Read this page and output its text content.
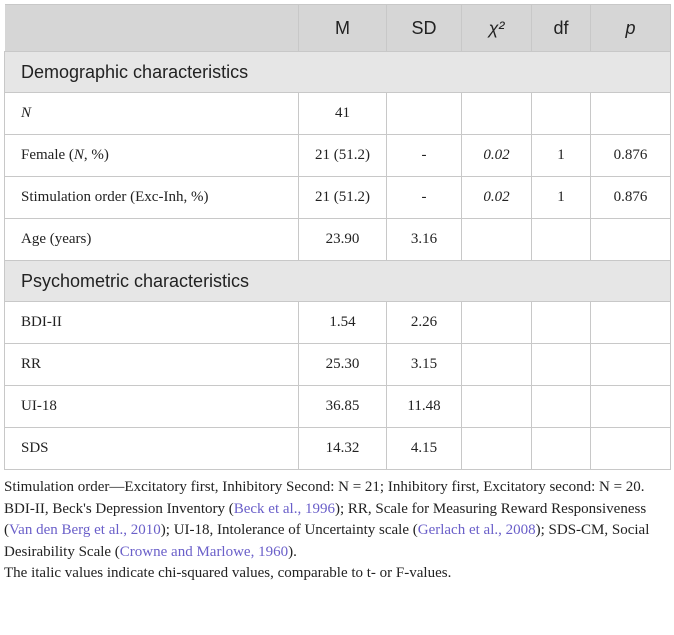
	M	SD	χ²	df	p
Demographic characteristics					
N	41				
Female (N, %)	21 (51.2)	-	0.02	1	0.876
Stimulation order (Exc-Inh, %)	21 (51.2)	-	0.02	1	0.876
Age (years)	23.90	3.16			
Psychometric characteristics					
BDI-II	1.54	2.26			
RR	25.30	3.15			
UI-18	36.85	11.48			
SDS	14.32	4.15			

Stimulation order—Excitatory first, Inhibitory Second: N = 21; Inhibitory first, Excitatory second: N = 20.

BDI-II, Beck's Depression Inventory (Beck et al., 1996); RR, Scale for Measuring Reward Responsiveness (Van den Berg et al., 2010); UI-18, Intolerance of Uncertainty scale (Gerlach et al., 2008); SDS-CM, Social Desirability Scale (Crowne and Marlowe, 1960).

The italic values indicate chi-squared values, comparable to t- or F-values.
